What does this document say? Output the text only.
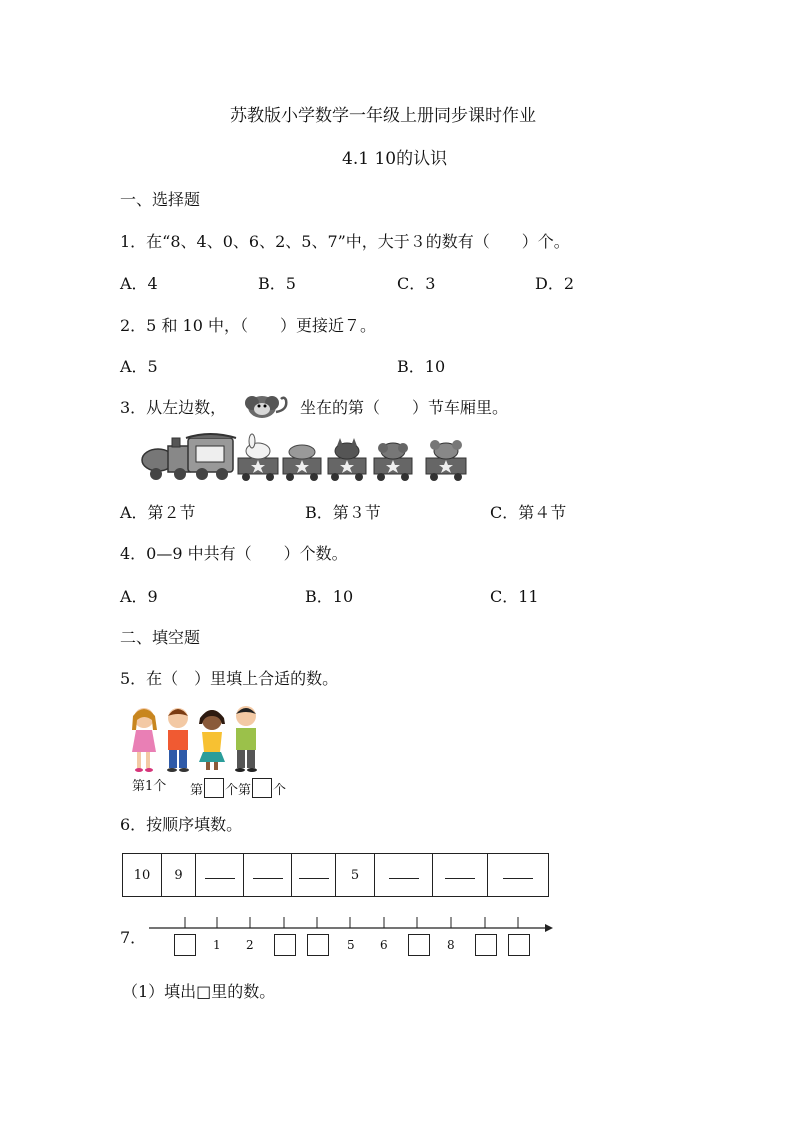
苏教版小学数学一年级上册同步课时作业
4.1 10的认识
一、选择题
1．在“8、4、0、6、2、5、7”中，大于３的数有（　　）个。
A．4	B．5	C．3	D．2
2．5 和 10 中，（　　）更接近７。
A．5	B．10
3．从左边数，	坐在的第（　　）节车厢里。
A．第２节	B．第３节	C．第４节
4．0—9 中共有（　　）个数。
A．9	B．10	C．11
二、填空题
5．在（　）里填上合适的数。
第1个 第 个第 个
6．按顺序填数。
10	9				5			
7．	1 2	5 6	8
（1）填出□里的数。
